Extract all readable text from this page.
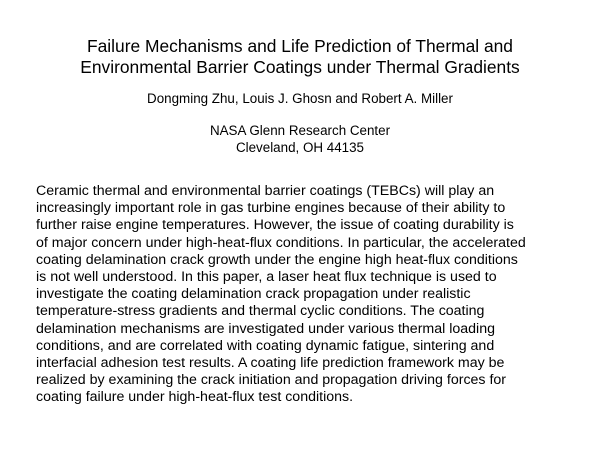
Failure Mechanisms and Life Prediction of Thermal and
Environmental Barrier Coatings under Thermal Gradients
Dongming Zhu, Louis J. Ghosn and Robert A. Miller
NASA Glenn Research Center
Cleveland, OH 44135
Ceramic thermal and environmental barrier coatings (TEBCs) will play an
increasingly important role in gas turbine engines because of their ability to
further raise engine temperatures. However, the issue of coating durability is
of major concern under high-heat-flux conditions. In particular, the accelerated
coating delamination crack growth under the engine high heat-flux conditions
is not well understood. In this paper, a laser heat flux technique is used to
investigate the coating delamination crack propagation under realistic
temperature-stress gradients and thermal cyclic conditions. The coating
delamination mechanisms are investigated under various thermal loading
conditions, and are correlated with coating dynamic fatigue, sintering and
interfacial adhesion test results. A coating life prediction framework may be
realized by examining the crack initiation and propagation driving forces for
coating failure under high-heat-flux test conditions.
